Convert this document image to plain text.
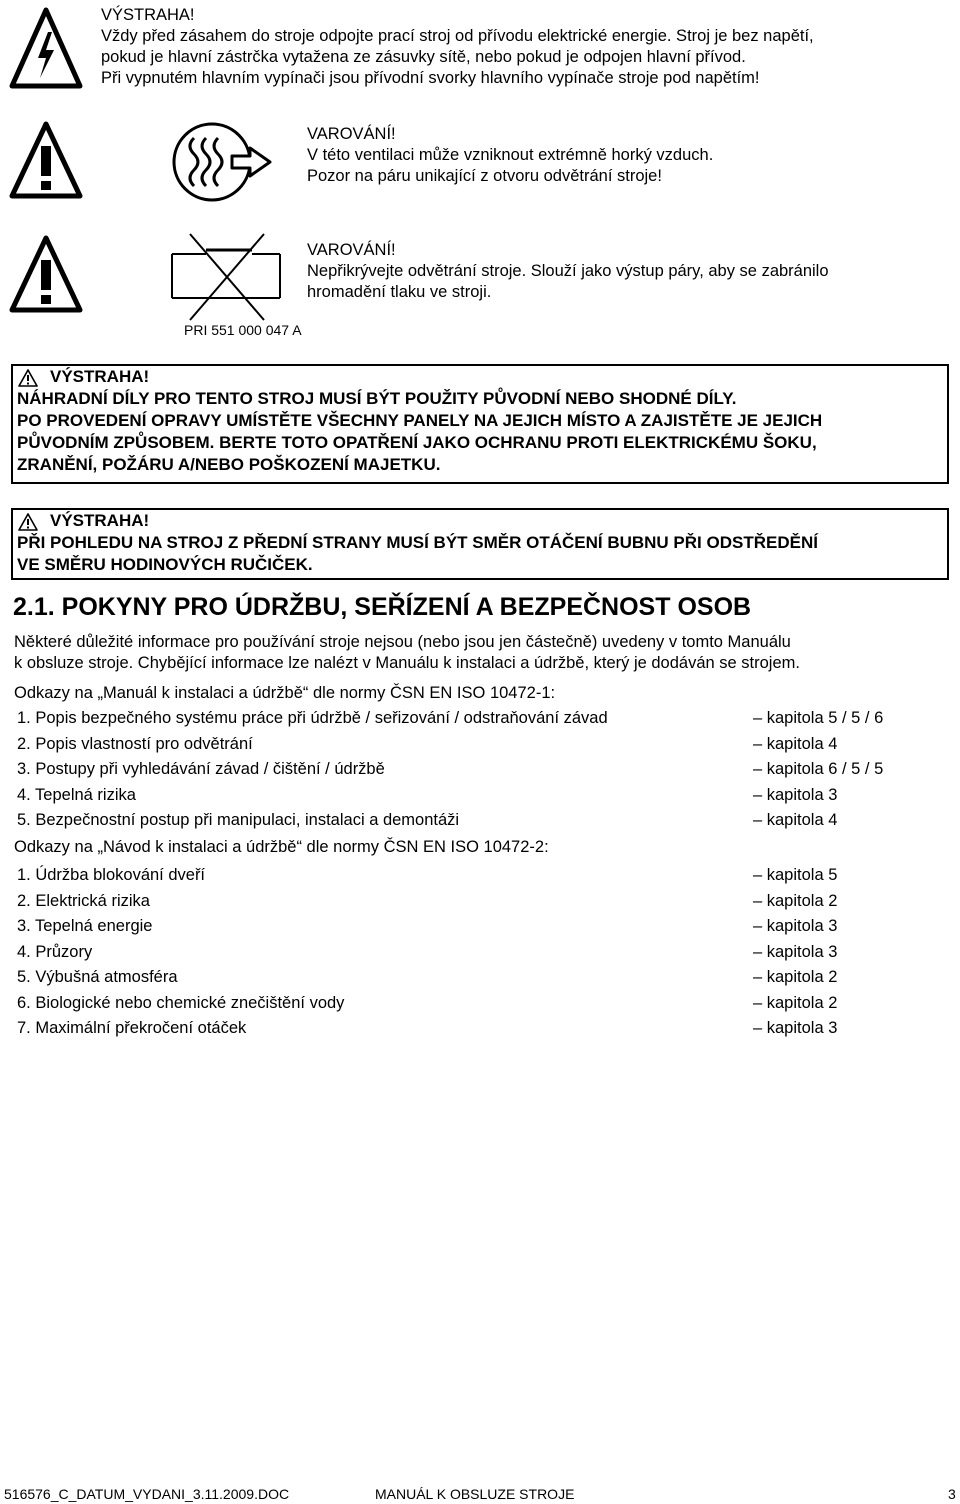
VÝSTRAHA!
Vždy před zásahem do stroje odpojte prací stroj od přívodu elektrické energie. Stroj je bez napětí,
pokud je hlavní zástrčka vytažena ze zásuvky sítě, nebo pokud je odpojen hlavní přívod.
Při vypnutém hlavním vypínači jsou přívodní svorky hlavního vypínače stroje pod napětím!
VAROVÁNÍ!
V této ventilaci může vzniknout extrémně horký vzduch.
Pozor na páru unikající z otvoru odvětrání stroje!
PRI 551 000 047 A
VAROVÁNÍ!
Nepřikrývejte odvětrání stroje. Slouží jako výstup páry, aby se zabránilo
hromadění tlaku ve stroji.
VÝSTRAHA!
NÁHRADNÍ DÍLY PRO TENTO STROJ MUSÍ BÝT POUŽITY PŮVODNÍ NEBO SHODNÉ DÍLY.
PO PROVEDENÍ OPRAVY UMÍSTĚTE VŠECHNY PANELY NA JEJICH MÍSTO A ZAJISTĚTE JE JEJICH
PŮVODNÍM ZPŮSOBEM. BERTE TOTO OPATŘENÍ JAKO OCHRANU PROTI ELEKTRICKÉMU ŠOKU,
ZRANĚNÍ, POŽÁRU A/NEBO POŠKOZENÍ MAJETKU.
VÝSTRAHA!
PŘI POHLEDU NA STROJ Z PŘEDNÍ STRANY MUSÍ BÝT SMĚR OTÁČENÍ BUBNU PŘI ODSTŘEDĚNÍ
VE SMĚRU HODINOVÝCH RUČIČEK.
2.1. POKYNY PRO ÚDRŽBU, SEŘÍZENÍ A BEZPEČNOST OSOB
Některé důležité informace pro používání stroje nejsou (nebo jsou jen částečně) uvedeny v tomto Manuálu
k obsluze stroje. Chybějící informace lze nalézt v Manuálu k instalaci a údržbě, který je dodáván se strojem.
Odkazy na „Manuál k instalaci a údržbě“ dle normy ČSN EN ISO 10472-1:
1. Popis bezpečného systému práce při údržbě / seřizování / odstraňování závad	– kapitola 5 / 5 / 6
2. Popis vlastností pro odvětrání	– kapitola 4
3. Postupy při vyhledávání závad / čištění / údržbě	– kapitola 6 / 5 / 5
4. Tepelná rizika	– kapitola 3
5. Bezpečnostní postup při manipulaci, instalaci a demontáži	– kapitola 4
Odkazy na „Návod k instalaci a údržbě“ dle normy ČSN EN ISO 10472-2:
1. Údržba blokování dveří	– kapitola 5
2. Elektrická rizika	– kapitola 2
3. Tepelná energie	– kapitola 3
4. Průzory	– kapitola 3
5. Výbušná atmosféra	– kapitola 2
6. Biologické nebo chemické znečištění vody	– kapitola 2
7. Maximální překročení otáček	– kapitola 3
516576_C_DATUM_VYDANI_3.11.2009.DOC	MANUÁL K OBSLUZE STROJE	3
